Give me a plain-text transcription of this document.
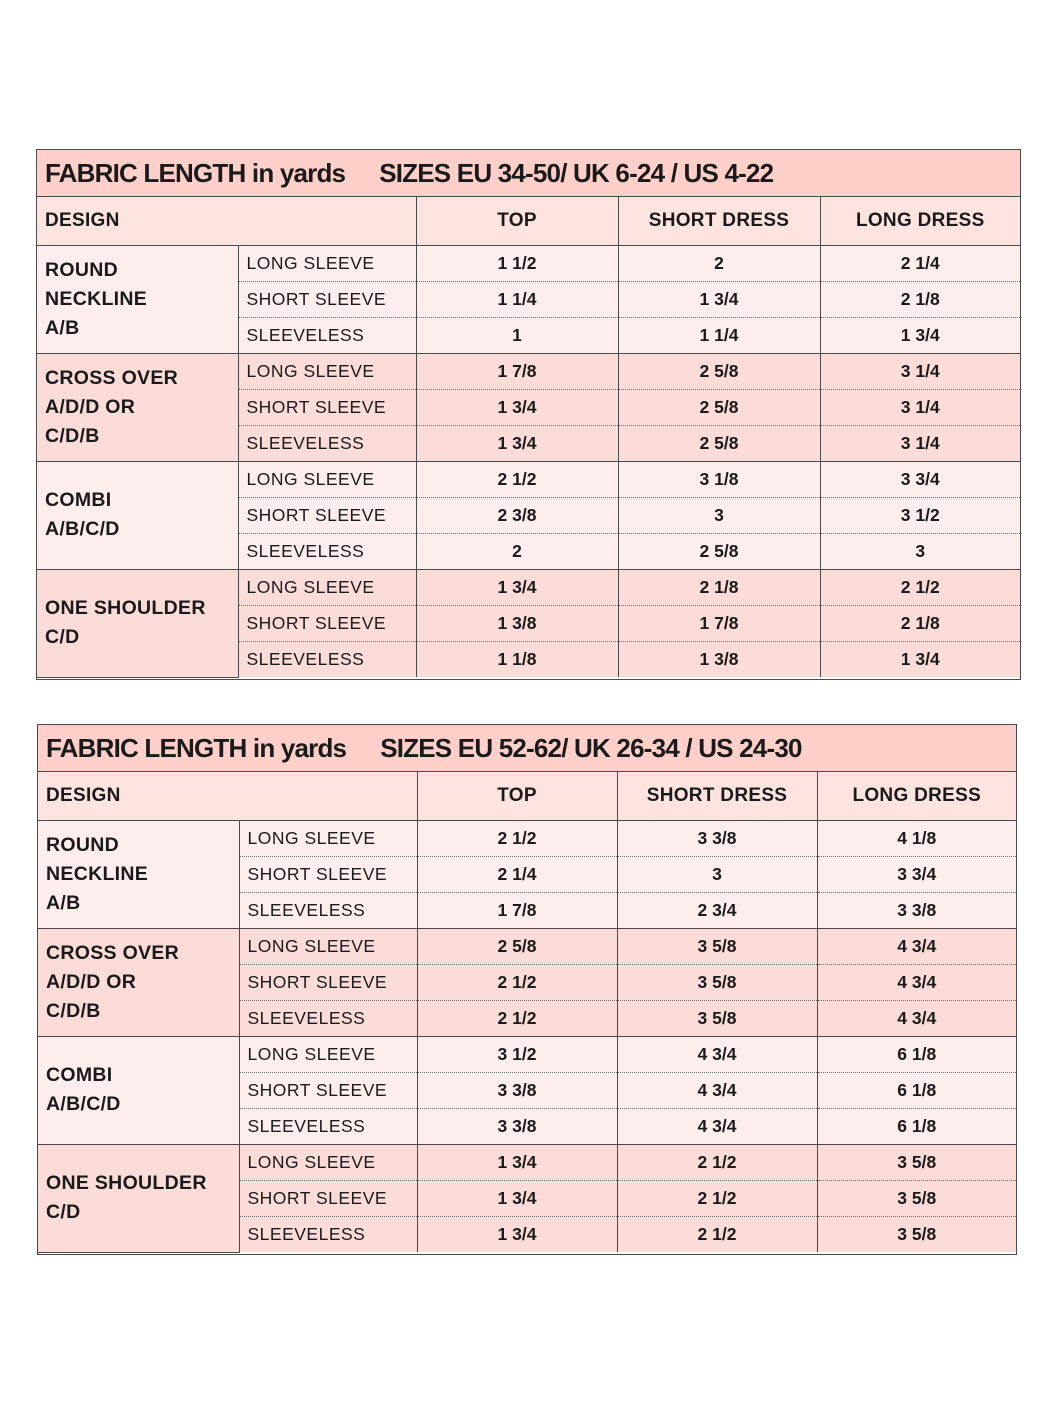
FABRIC LENGTH in yards SIZES EU 34-50/ UK 6-24 / US 4-22
DESIGN		TOP	SHORT DRESS	LONG DRESS
ROUND
NECKLINE
A/B	LONG SLEEVE	1 1/2	2	2 1/4
	SHORT SLEEVE	1 1/4	1 3/4	2 1/8
	SLEEVELESS	1	1 1/4	1 3/4
CROSS OVER
A/D/D OR
C/D/B	LONG SLEEVE	1 7/8	2 5/8	3 1/4
	SHORT SLEEVE	1 3/4	2 5/8	3 1/4
	SLEEVELESS	1 3/4	2 5/8	3 1/4
COMBI
A/B/C/D	LONG SLEEVE	2 1/2	3 1/8	3 3/4
	SHORT SLEEVE	2 3/8	3	3 1/2
	SLEEVELESS	2	2 5/8	3
ONE SHOULDER
C/D	LONG SLEEVE	1 3/4	2 1/8	2 1/2
	SHORT SLEEVE	1 3/8	1 7/8	2 1/8
	SLEEVELESS	1 1/8	1 3/8	1 3/4
FABRIC LENGTH in yards SIZES EU 52-62/ UK 26-34 / US 24-30
DESIGN		TOP	SHORT DRESS	LONG DRESS
ROUND
NECKLINE
A/B	LONG SLEEVE	2 1/2	3 3/8	4 1/8
	SHORT SLEEVE	2 1/4	3	3 3/4
	SLEEVELESS	1 7/8	2 3/4	3 3/8
CROSS OVER
A/D/D OR
C/D/B	LONG SLEEVE	2 5/8	3 5/8	4 3/4
	SHORT SLEEVE	2 1/2	3 5/8	4 3/4
	SLEEVELESS	2 1/2	3 5/8	4 3/4
COMBI
A/B/C/D	LONG SLEEVE	3 1/2	4 3/4	6 1/8
	SHORT SLEEVE	3 3/8	4 3/4	6 1/8
	SLEEVELESS	3 3/8	4 3/4	6 1/8
ONE SHOULDER
C/D	LONG SLEEVE	1 3/4	2 1/2	3 5/8
	SHORT SLEEVE	1 3/4	2 1/2	3 5/8
	SLEEVELESS	1 3/4	2 1/2	3 5/8
